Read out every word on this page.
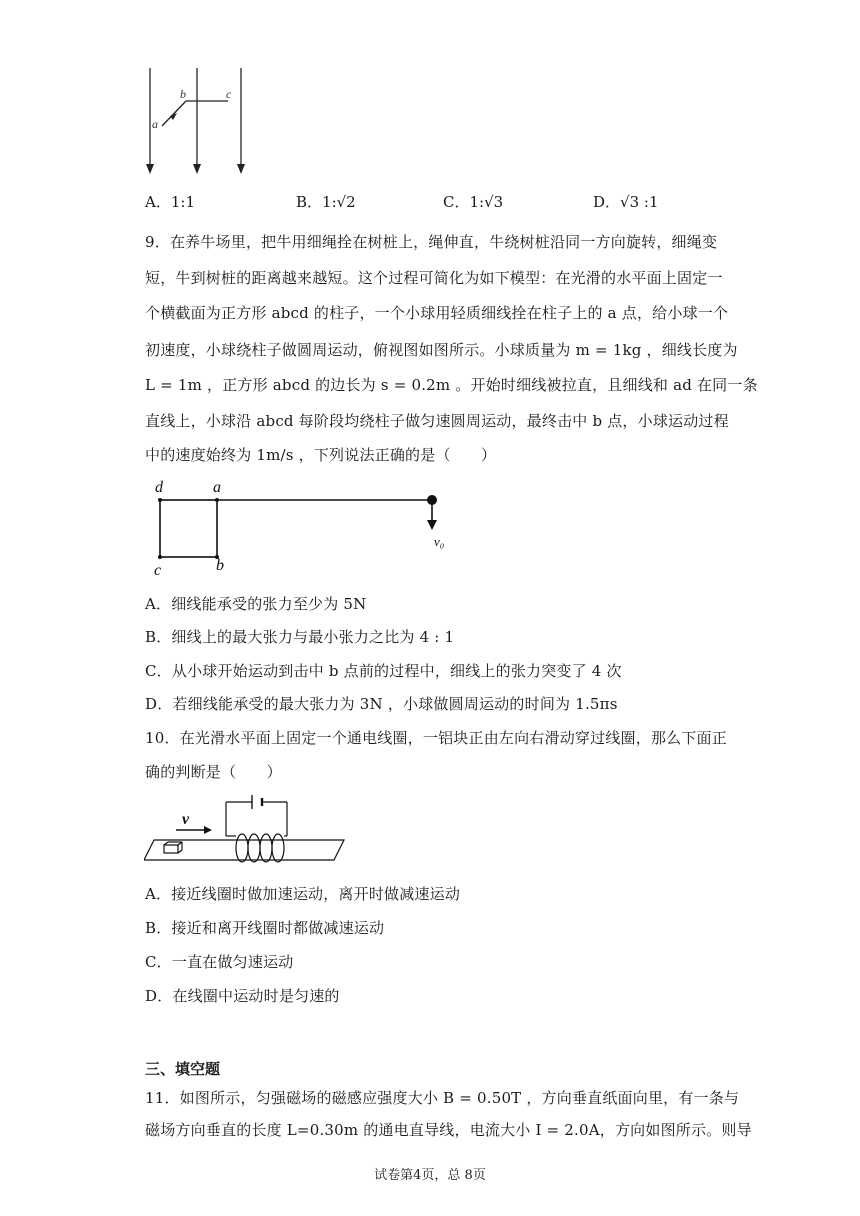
a
b	c
A．1:1	B．1:√2	C．1:√3	D．√3 :1
9．在养牛场里，把牛用细绳拴在树桩上，绳伸直，牛绕树桩沿同一方向旋转，细绳变
短，牛到树桩的距离越来越短。这个过程可简化为如下模型：在光滑的水平面上固定一
个横截面为正方形 abcd 的柱子，一个小球用轻质细线拴在柱子上的 a 点，给小球一个
初速度，小球绕柱子做圆周运动，俯视图如图所示。小球质量为 m = 1kg ，细线长度为
L = 1m ，正方形 abcd 的边长为 s = 0.2m 。开始时细线被拉直，且细线和 ad 在同一条
直线上，小球沿 abcd 每阶段均绕柱子做匀速圆周运动，最终击中 b 点，小球运动过程
中的速度始终为 1m/s ，下列说法正确的是（　　）
d	a
c	b
v₀
A．细线能承受的张力至少为 5N
B．细线上的最大张力与最小张力之比为 4 : 1
C．从小球开始运动到击中 b 点前的过程中，细线上的张力突变了 4 次
D．若细线能承受的最大张力为 3N ，小球做圆周运动的时间为 1.5πs
10．在光滑水平面上固定一个通电线圈，一铝块正由左向右滑动穿过线圈，那么下面正
确的判断是（　　）
v
A．接近线圈时做加速运动，离开时做减速运动
B．接近和离开线圈时都做减速运动
C．一直在做匀速运动
D．在线圈中运动时是匀速的
三、填空题
11．如图所示，匀强磁场的磁感应强度大小 B = 0.50T ，方向垂直纸面向里，有一条与
磁场方向垂直的长度 L=0.30m 的通电直导线，电流大小 I = 2.0A，方向如图所示。则导
试卷第4页，总 8页
